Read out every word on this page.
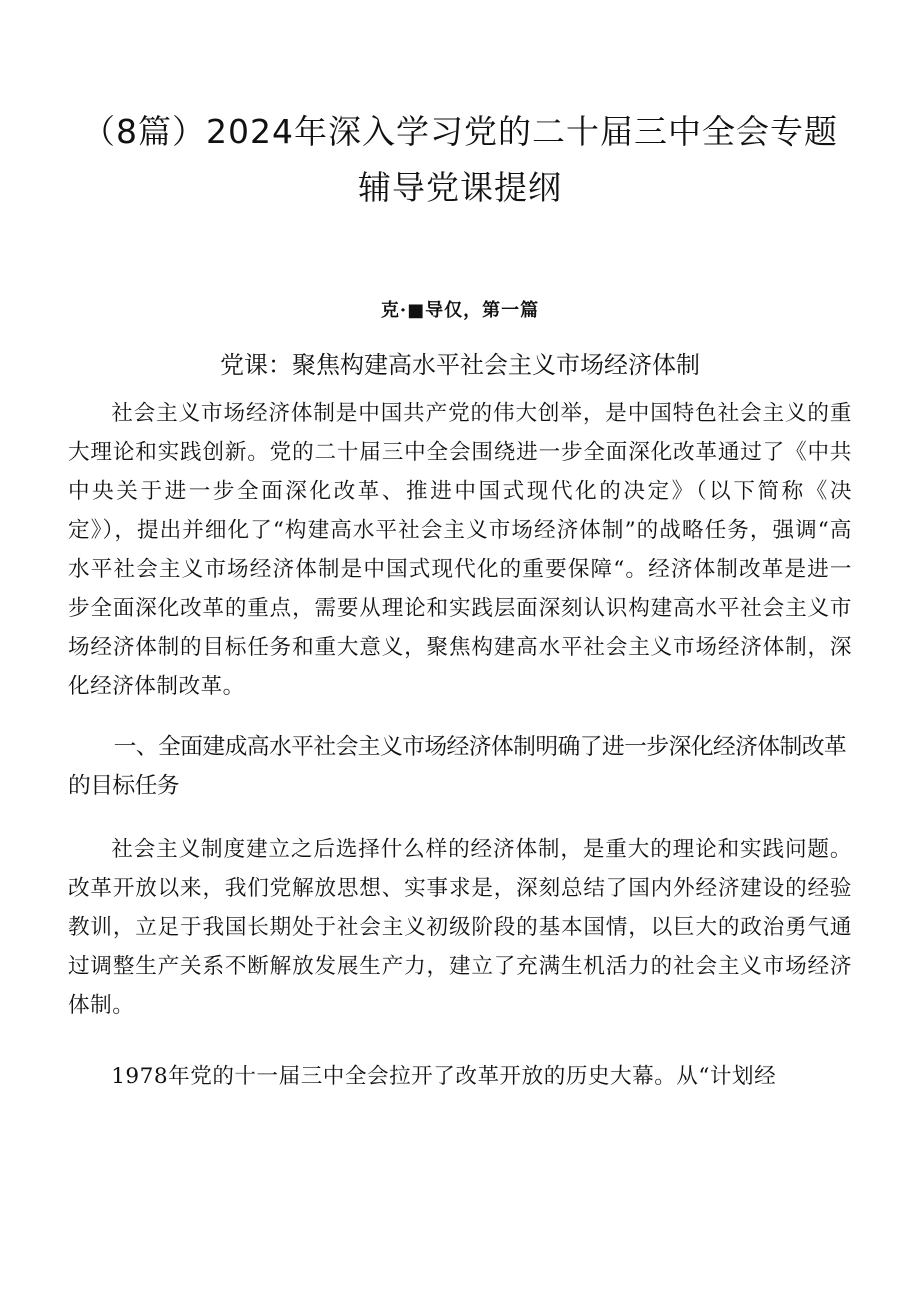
（8篇）2024年深入学习党的二十届三中全会专题
辅导党课提纲
克·■导仅，第一篇
党课：聚焦构建高水平社会主义市场经济体制

社会主义市场经济体制是中国共产党的伟大创举，是中国特色社会主义的重大理论和实践创新。党的二十届三中全会围绕进一步全面深化改革通过了《中共中央关于进一步全面深化改革、推进中国式现代化的决定》（以下简称《决定》），提出并细化了“构建高水平社会主义市场经济体制”的战略任务，强调“高水平社会主义市场经济体制是中国式现代化的重要保障“。经济体制改革是进一步全面深化改革的重点，需要从理论和实践层面深刻认识构建高水平社会主义市场经济体制的目标任务和重大意义，聚焦构建高水平社会主义市场经济体制，深化经济体制改革。

一、全面建成高水平社会主义市场经济体制明确了进一步深化经济体制改革的目标任务

社会主义制度建立之后选择什么样的经济体制，是重大的理论和实践问题。改革开放以来，我们党解放思想、实事求是，深刻总结了国内外经济建设的经验教训，立足于我国长期处于社会主义初级阶段的基本国情，以巨大的政治勇气通过调整生产关系不断解放发展生产力，建立了充满生机活力的社会主义市场经济体制。

1978年党的十一届三中全会拉开了改革开放的历史大幕。从“计划经
